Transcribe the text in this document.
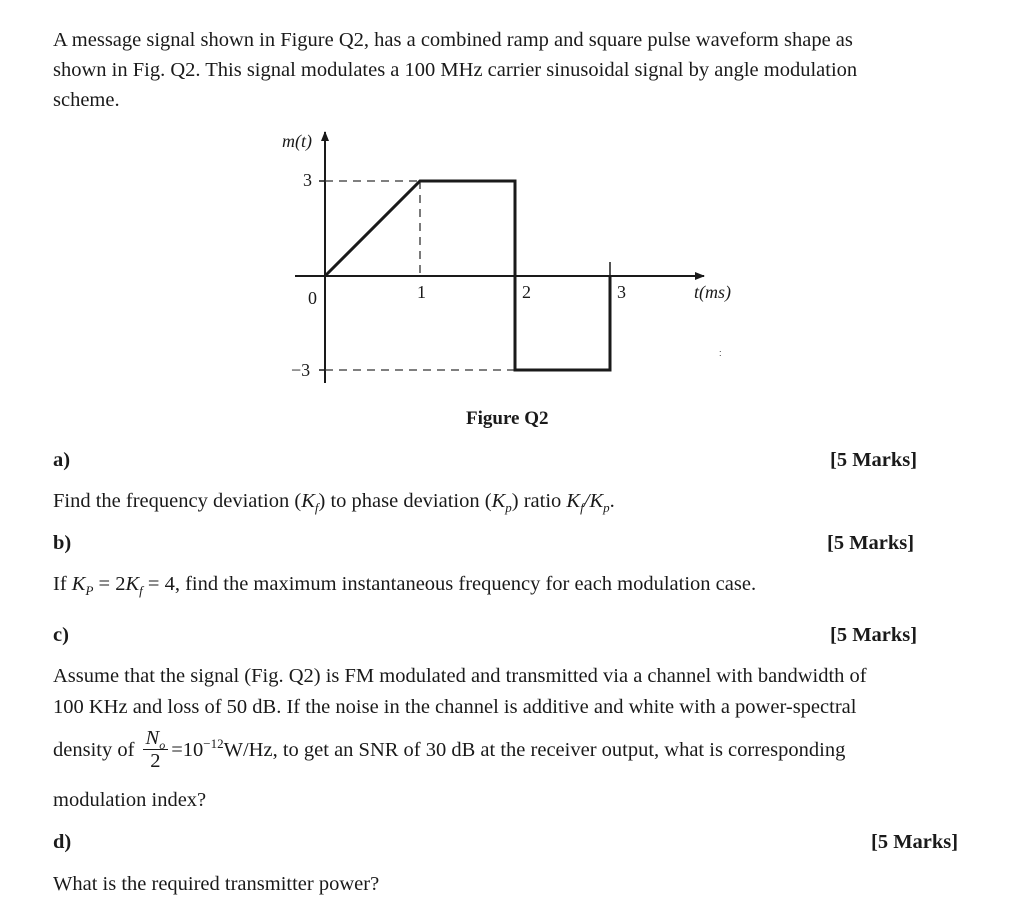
A message signal shown in Figure Q2, has a combined ramp and square pulse waveform shape as
shown in Fig. Q2. This signal modulates a 100 MHz carrier sinusoidal signal by angle modulation
scheme.
m(t)
3
0
−3
1	2	3	t(ms)
∶
Figure Q2
a)	[5 Marks]
Find the frequency deviation $(K_f)$ to phase deviation $(K_p)$ ratio $K_f/K_p$.
b)	[5 Marks]
If $K_P = 2K_f = 4$, find the maximum instantaneous frequency for each modulation case.
c)	[5 Marks]
Assume that the signal (Fig. Q2) is FM modulated and transmitted via a channel with bandwidth of
100 KHz and loss of 50 dB. If the noise in the channel is additive and white with a power-spectral
density of $\frac{N_o}{2} =10^{-12}W/Hz$, to get an SNR of 30 dB at the receiver output, what is corresponding
modulation index?
d)	[5 Marks]
What is the required transmitter power?
